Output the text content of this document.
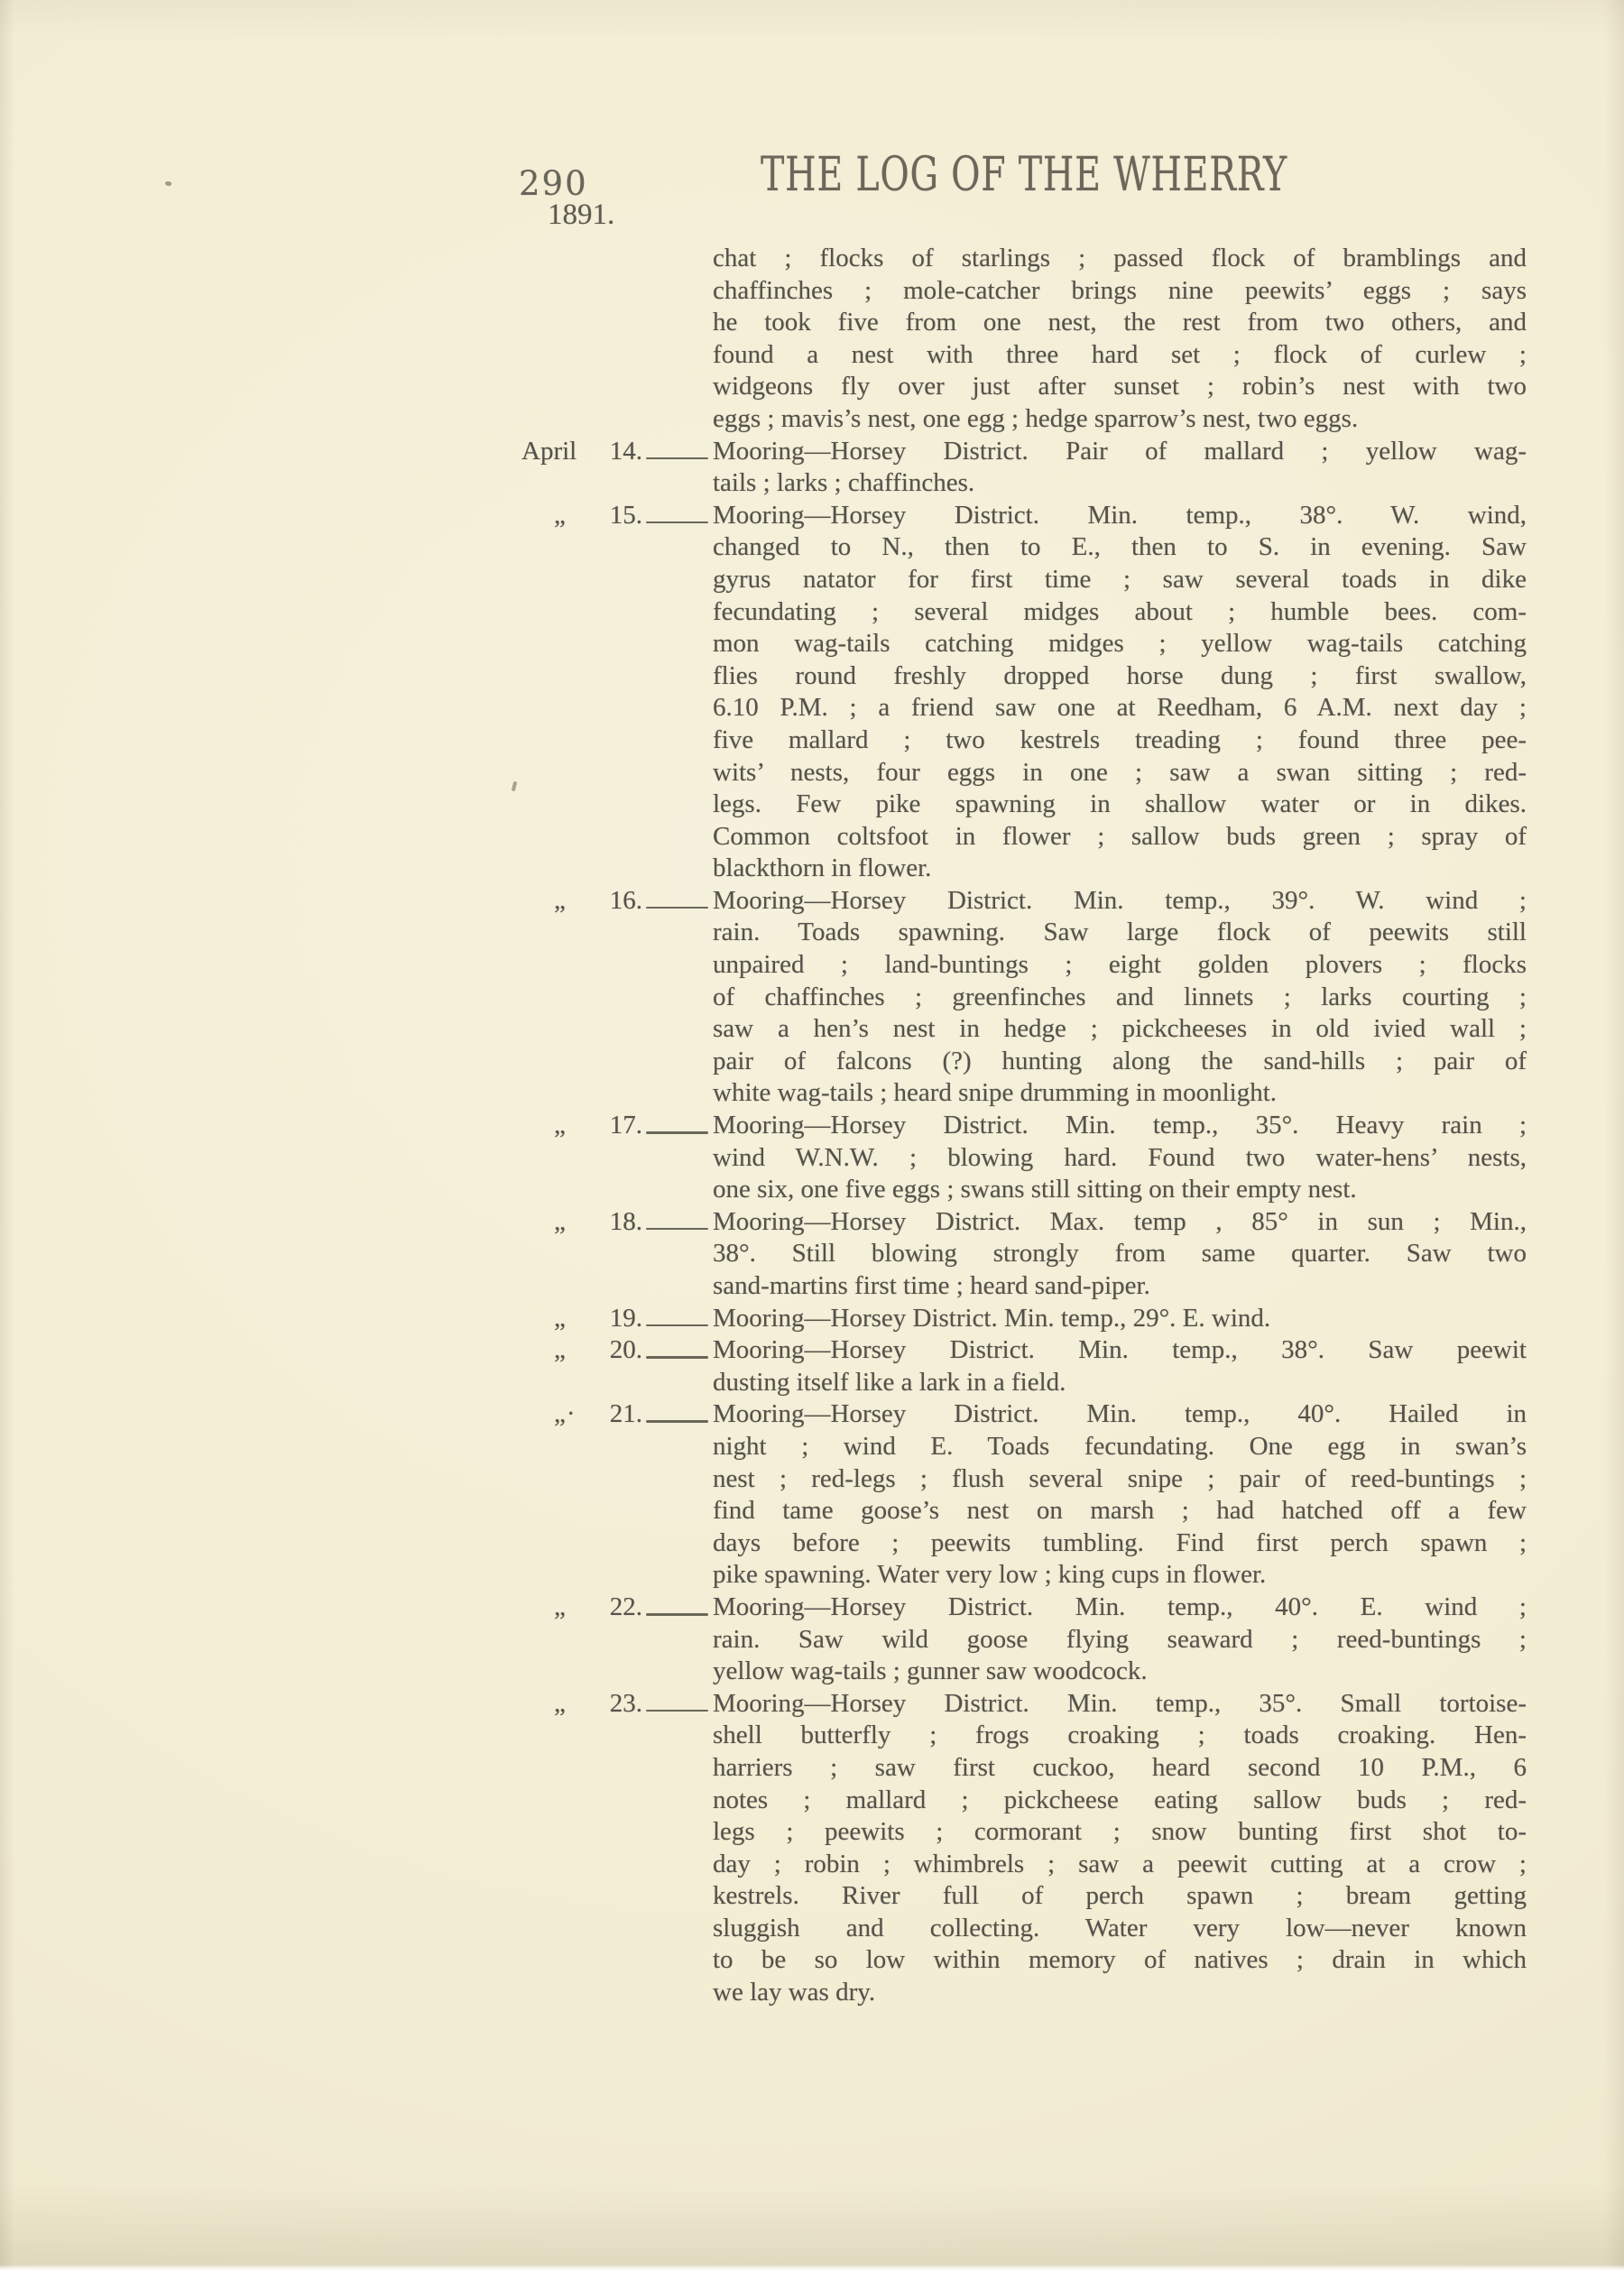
290	THE LOG OF THE WHERRY
1891.
chat ; flocks of starlings ; passed flock of bramblings and
chaffinches ; mole-catcher brings nine peewits’ eggs ; says
he took five from one nest, the rest from two others, and
found a nest with three hard set ; flock of curlew ;
widgeons fly over just after sunset ; robin’s nest with two
eggs ; mavis’s nest, one egg ; hedge sparrow’s nest, two eggs.
April 14.	Mooring—Horsey District. Pair of mallard ; yellow wag-
tails ; larks ; chaffinches.
„ 15.	Mooring—Horsey District. Min. temp., 38°. W. wind,
changed to N., then to E., then to S. in evening. Saw
gyrus natator for first time ; saw several toads in dike
fecundating ; several midges about ; humble bees. com-
mon wag-tails catching midges ; yellow wag-tails catching
flies round freshly dropped horse dung ; first swallow,
6.10 P.M. ; a friend saw one at Reedham, 6 A.M. next day ;
five mallard ; two kestrels treading ; found three pee-
wits’ nests, four eggs in one ; saw a swan sitting ; red-
legs. Few pike spawning in shallow water or in dikes.
Common coltsfoot in flower ; sallow buds green ; spray of
blackthorn in flower.
„ 16.	Mooring—Horsey District. Min. temp., 39°. W. wind ;
rain. Toads spawning. Saw large flock of peewits still
unpaired ; land-buntings ; eight golden plovers ; flocks
of chaffinches ; greenfinches and linnets ; larks courting ;
saw a hen’s nest in hedge ; pickcheeses in old ivied wall ;
pair of falcons (?) hunting along the sand-hills ; pair of
white wag-tails ; heard snipe drumming in moonlight.
„ 17.	Mooring—Horsey District. Min. temp., 35°. Heavy rain ;
wind W.N.W. ; blowing hard. Found two water-hens’ nests,
one six, one five eggs ; swans still sitting on their empty nest.
„ 18.	Mooring—Horsey District. Max. temp , 85° in sun ; Min.,
38°. Still blowing strongly from same quarter. Saw two
sand-martins first time ; heard sand-piper.
„ 19.	Mooring—Horsey District. Min. temp., 29°. E. wind.
„ 20.	Mooring—Horsey District. Min. temp., 38°. Saw peewit
dusting itself like a lark in a field.
„· 21.	Mooring—Horsey District. Min. temp., 40°. Hailed in
night ; wind E. Toads fecundating. One egg in swan’s
nest ; red-legs ; flush several snipe ; pair of reed-buntings ;
find tame goose’s nest on marsh ; had hatched off a few
days before ; peewits tumbling. Find first perch spawn ;
pike spawning. Water very low ; king cups in flower.
„ 22.	Mooring—Horsey District. Min. temp., 40°. E. wind ;
rain. Saw wild goose flying seaward ; reed-buntings ;
yellow wag-tails ; gunner saw woodcock.
„ 23.	Mooring—Horsey District. Min. temp., 35°. Small tortoise-
shell butterfly ; frogs croaking ; toads croaking. Hen-
harriers ; saw first cuckoo, heard second 10 P.M., 6
notes ; mallard ; pickcheese eating sallow buds ; red-
legs ; peewits ; cormorant ; snow bunting first shot to-
day ; robin ; whimbrels ; saw a peewit cutting at a crow ;
kestrels. River full of perch spawn ; bream getting
sluggish and collecting. Water very low—never known
to be so low within memory of natives ; drain in which
we lay was dry.
